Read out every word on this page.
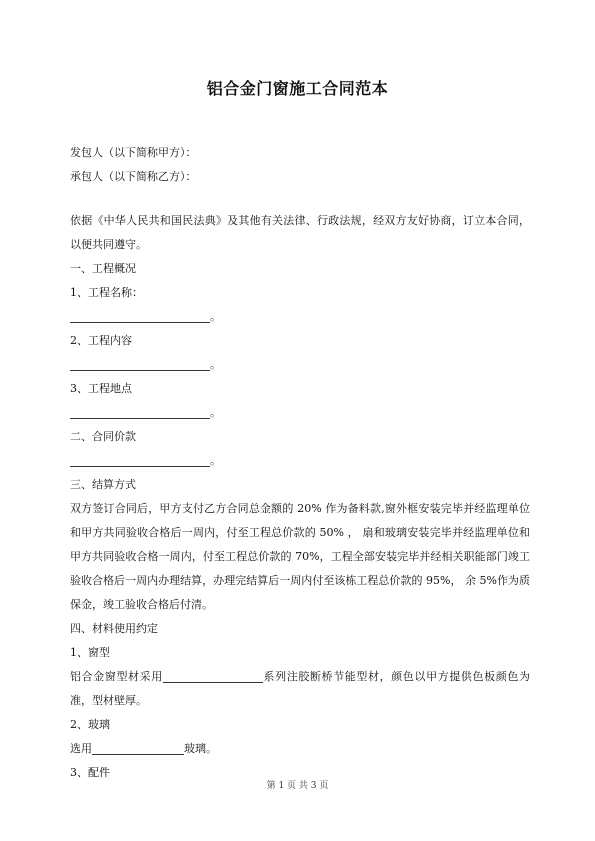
铝合金门窗施工合同范本
发包人（以下简称甲方）：
承包人（以下简称乙方）：
依据《中华人民共和国民法典》及其他有关法律、行政法规，经双方友好协商，订立本合同，以便共同遵守。
一、工程概况
1、工程名称：
。
2、工程内容
。
3、工程地点
。
二、合同价款
。
三、结算方式
双方签订合同后，甲方支付乙方合同总金额的 20% 作为备料款,窗外框安装完毕并经监理单位和甲方共同验收合格后一周内，付至工程总价款的 50% ， 扇和玻璃安装完毕并经监理单位和甲方共同验收合格一周内，付至工程总价款的 70%，工程全部安装完毕并经相关职能部门竣工验收合格后一周内办理结算，办理完结算后一周内付至该栋工程总价款的 95%， 余 5%作为质保金，竣工验收合格后付清。
四、材料使用约定
1、窗型
铝合金窗型材采用	系列注胶断桥节能型材，颜色以甲方提供色板颜色为准，型材壁厚。
2、玻璃
选用	玻璃。
3、配件
第 1 页 共 3 页
